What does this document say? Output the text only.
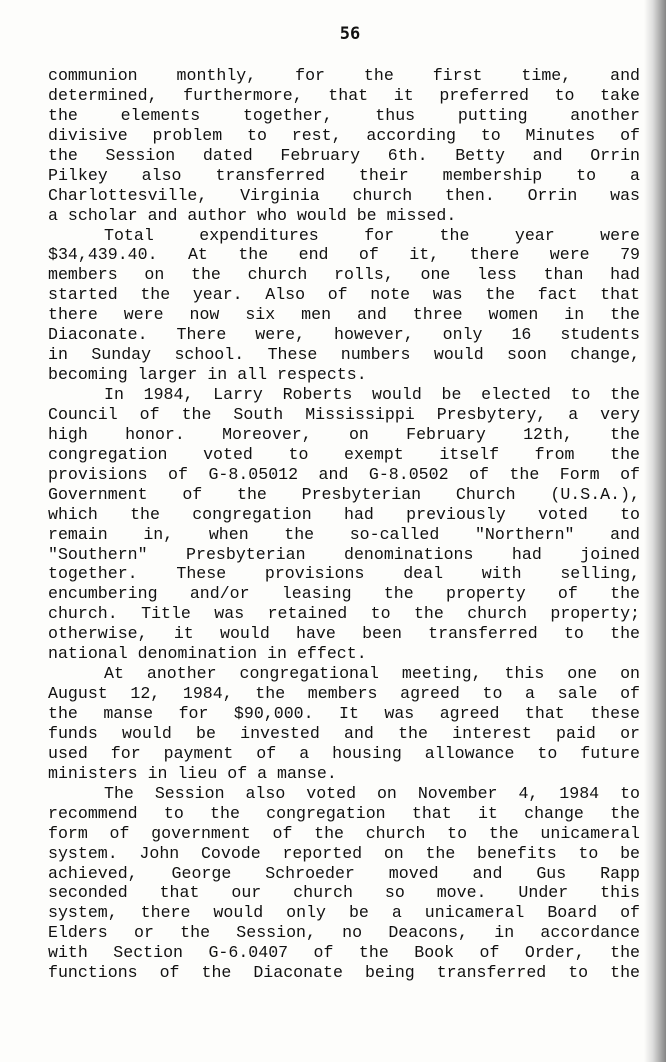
56
communion monthly, for the first time, and
determined, furthermore, that it preferred to take
the elements together, thus putting another
divisive problem to rest, according to Minutes of
the Session dated February 6th. Betty and Orrin
Pilkey also transferred their membership to a
Charlottesville, Virginia church then. Orrin was
a scholar and author who would be missed.
Total expenditures for the year were
$34,439.40. At the end of it, there were 79
members on the church rolls, one less than had
started the year. Also of note was the fact that
there were now six men and three women in the
Diaconate. There were, however, only 16 students
in Sunday school. These numbers would soon change,
becoming larger in all respects.
In 1984, Larry Roberts would be elected to the
Council of the South Mississippi Presbytery, a very
high honor. Moreover, on February 12th, the
congregation voted to exempt itself from the
provisions of G-8.05012 and G-8.0502 of the Form of
Government of the Presbyterian Church (U.S.A.),
which the congregation had previously voted to
remain in, when the so-called "Northern" and
"Southern" Presbyterian denominations had joined
together. These provisions deal with selling,
encumbering and/or leasing the property of the
church. Title was retained to the church property;
otherwise, it would have been transferred to the
national denomination in effect.
At another congregational meeting, this one on
August 12, 1984, the members agreed to a sale of
the manse for $90,000. It was agreed that these
funds would be invested and the interest paid or
used for payment of a housing allowance to future
ministers in lieu of a manse.
The Session also voted on November 4, 1984 to
recommend to the congregation that it change the
form of government of the church to the unicameral
system. John Covode reported on the benefits to be
achieved, George Schroeder moved and Gus Rapp
seconded that our church so move. Under this
system, there would only be a unicameral Board of
Elders or the Session, no Deacons, in accordance
with Section G-6.0407 of the Book of Order, the
functions of the Diaconate being transferred to the
